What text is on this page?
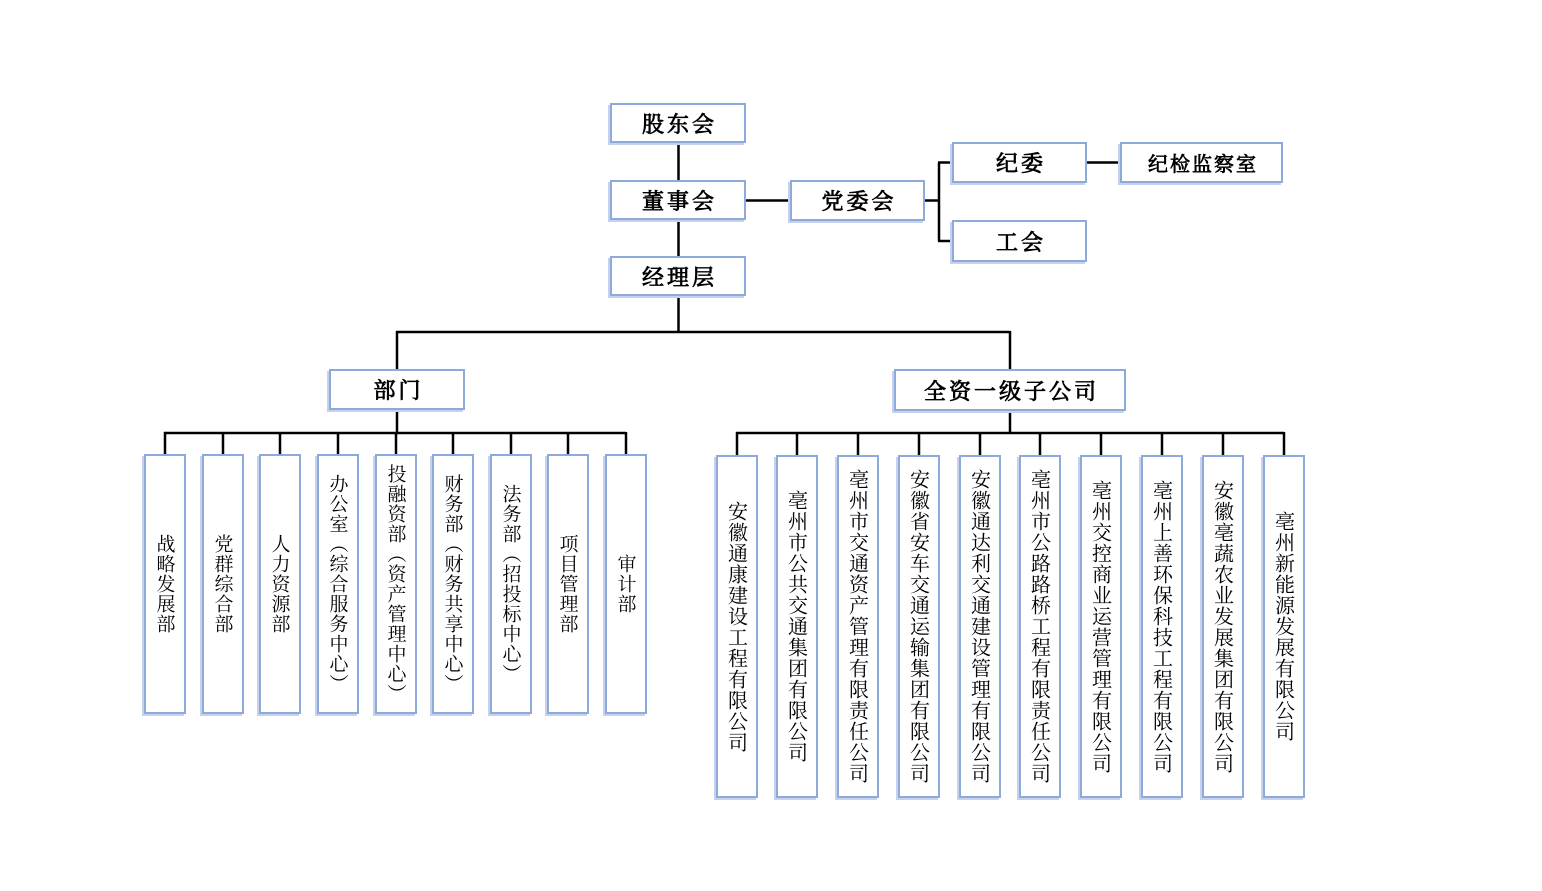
股东会
董事会
经理层
党委会
纪委	纪检监察室
工会
部门	全资一级子公司
战略发展部	党群综合部	人力资源部	办公室（综合服务中心）	投融资部（资产管理中心）	财务部（财务共享中心）	法务部（招投标中心）	项目管理部	审计部	安徽通康建设工程有限公司	亳州市公共交通集团有限公司	亳州市交通资产管理有限责任公司	安徽省安车交通运输集团有限公司	安徽通达利交通建设管理有限公司	亳州市公路路桥工程有限责任公司	亳州交控商业运营管理有限公司	亳州上善环保科技工程有限公司	安徽亳蔬农业发展集团有限公司	亳州新能源发展有限公司
